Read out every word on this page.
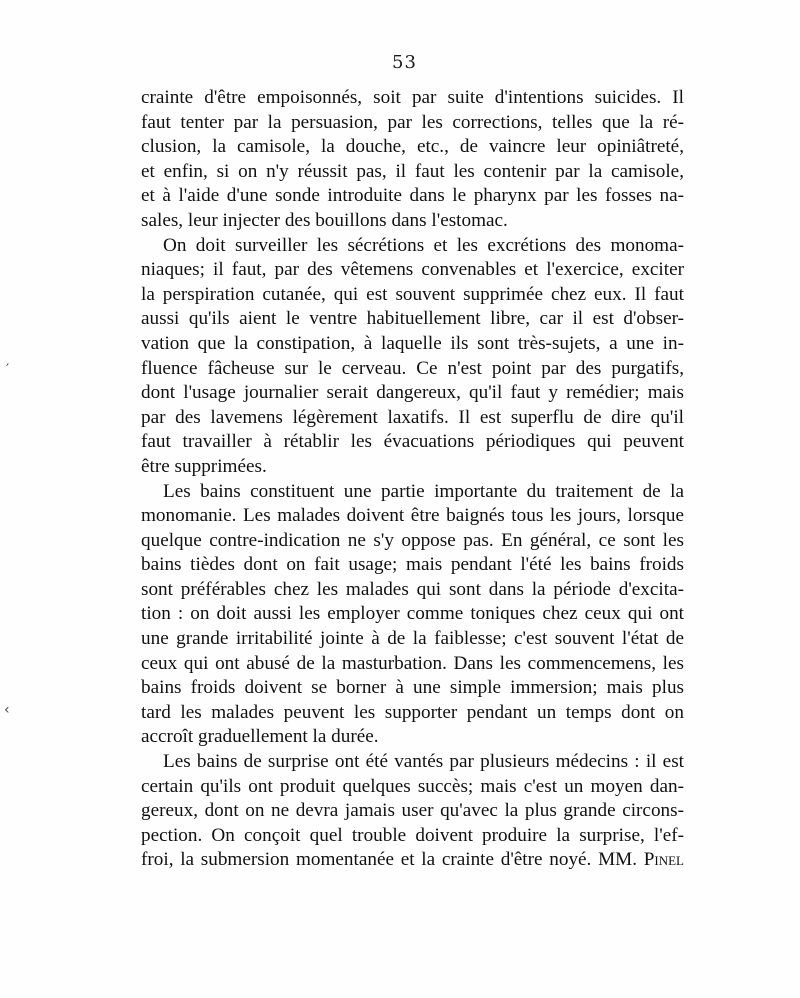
53
crainte d'être empoisonnés, soit par suite d'intentions suicides. Il
faut tenter par la persuasion, par les corrections, telles que la ré-
clusion, la camisole, la douche, etc., de vaincre leur opiniâtreté,
et enfin, si on n'y réussit pas, il faut les contenir par la camisole,
et à l'aide d'une sonde introduite dans le pharynx par les fosses na-
sales, leur injecter des bouillons dans l'estomac.
On doit surveiller les sécrétions et les excrétions des monoma-
niaques; il faut, par des vêtemens convenables et l'exercice, exciter
la perspiration cutanée, qui est souvent supprimée chez eux. Il faut
aussi qu'ils aient le ventre habituellement libre, car il est d'obser-
vation que la constipation, à laquelle ils sont très-sujets, a une in-
fluence fâcheuse sur le cerveau. Ce n'est point par des purgatifs,
dont l'usage journalier serait dangereux, qu'il faut y remédier; mais
par des lavemens légèrement laxatifs. Il est superflu de dire qu'il
faut travailler à rétablir les évacuations périodiques qui peuvent
être supprimées.
Les bains constituent une partie importante du traitement de la
monomanie. Les malades doivent être baignés tous les jours, lorsque
quelque contre-indication ne s'y oppose pas. En général, ce sont les
bains tièdes dont on fait usage; mais pendant l'été les bains froids
sont préférables chez les malades qui sont dans la période d'excita-
tion : on doit aussi les employer comme toniques chez ceux qui ont
une grande irritabilité jointe à de la faiblesse; c'est souvent l'état de
ceux qui ont abusé de la masturbation. Dans les commencemens, les
bains froids doivent se borner à une simple immersion; mais plus
tard les malades peuvent les supporter pendant un temps dont on
accroît graduellement la durée.
Les bains de surprise ont été vantés par plusieurs médecins : il est
certain qu'ils ont produit quelques succès; mais c'est un moyen dan-
gereux, dont on ne devra jamais user qu'avec la plus grande circons-
pection. On conçoit quel trouble doivent produire la surprise, l'ef-
froi, la submersion momentanée et la crainte d'être noyé. MM. Pinel
′
‹
